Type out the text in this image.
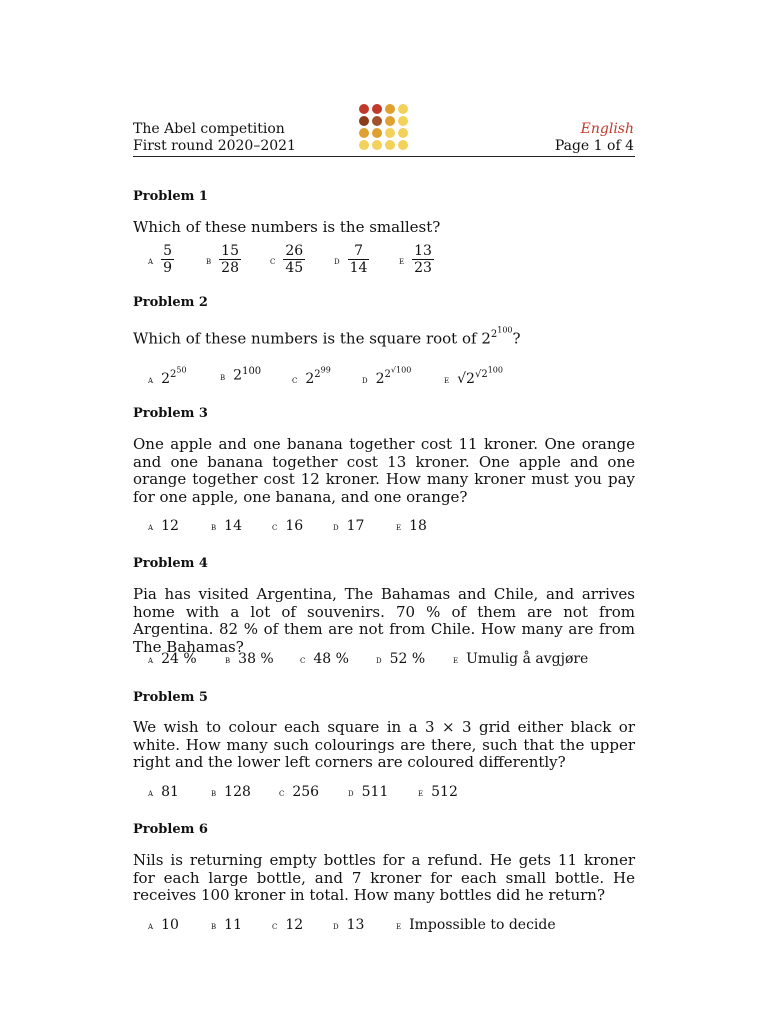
The Abel competition
First round 2020–2021
English
Page 1 of 4
Problem 1
Which of these numbers is the smallest?
a $\frac{5}{9}$	b $\frac{15}{28}$	c $\frac{26}{45}$	d $\frac{7}{14}$	e $\frac{13}{23}$
Problem 2
Which of these numbers is the square root of $2^{2^{100}}$?
a $2^{2^{50}}$
b $2^{100}$
c $2^{2^{99}}$
d $2^{2^{√100}}$
e $√2^{√2^{100}}$
Problem 3
One apple and one banana together cost 11 kroner. One orange and one banana together cost 13 kroner. One apple and one orange together cost 12 kroner. How many kroner must you pay for one apple, one banana, and one orange?
a 12	b 14	c 16	d 17	e 18
Problem 4
Pia has visited Argentina, The Bahamas and Chile, and arrives home with a lot of souvenirs. 70 % of them are not from Argentina. 82 % of them are not from Chile. How many are from The Bahamas?
a 24 %	b 38 %	c 48 %	d 52 %	e Umulig å avgjøre
Problem 5
We wish to colour each square in a 3 × 3 grid either black or white. How many such colourings are there, such that the upper right and the lower left corners are coloured differently?
a 81	b 128	c 256	d 511	e 512
Problem 6
Nils is returning empty bottles for a refund. He gets 11 kroner for each large bottle, and 7 kroner for each small bottle. He receives 100 kroner in total. How many bottles did he return?
a 10	b 11	c 12	d 13	e Impossible to decide
